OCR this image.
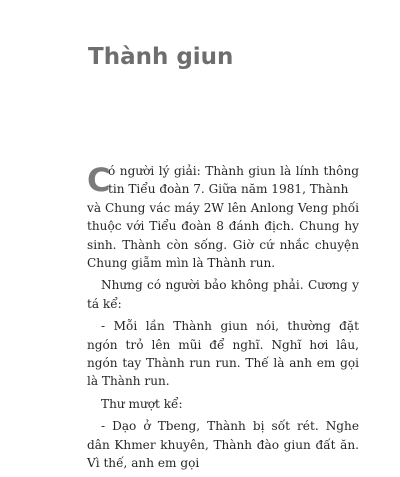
Thành giun

C
ó người lý giải: Thành giun là lính thông tin Tiểu đoàn 7. Giữa năm 1981, Thành
và Chung vác máy 2W lên Anlong Veng phối thuộc với Tiểu đoàn 8 đánh địch. Chung hy sinh. Thành còn sống. Giờ cứ nhắc chuyện Chung giẫm mìn là Thành run.

Nhưng có người bảo không phải. Cương y tá kể:

- Mỗi lần Thành giun nói, thường đặt ngón trỏ lên mũi để nghĩ. Nghĩ hơi lâu, ngón tay Thành run run. Thế là anh em gọi là Thành run.

Thư mượt kể:

- Dạo ở Tbeng, Thành bị sốt rét. Nghe dân Khmer khuyên, Thành đào giun đất ăn. Vì thế, anh em gọi
